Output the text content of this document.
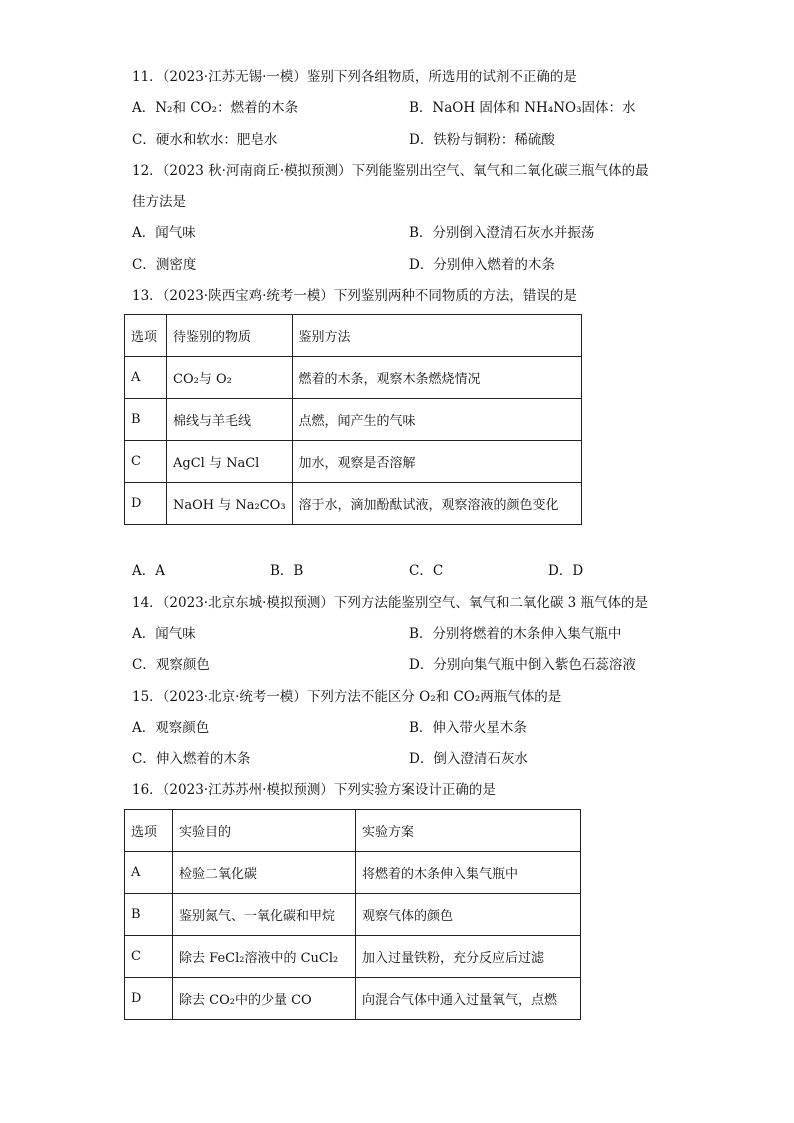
11．（2023·江苏无锡·一模）鉴别下列各组物质，所选用的试剂不正确的是
A．N₂和 CO₂：燃着的木条	B．NaOH 固体和 NH₄NO₃固体：水
C．硬水和软水：肥皂水	D．铁粉与铜粉：稀硫酸
12．（2023 秋·河南商丘·模拟预测）下列能鉴别出空气、氧气和二氧化碳三瓶气体的最
佳方法是
A．闻气味	B．分别倒入澄清石灰水并振荡
C．测密度	D．分别伸入燃着的木条
13．（2023·陕西宝鸡·统考一模）下列鉴别两种不同物质的方法，错误的是
选项	待鉴别的物质	鉴别方法
A	CO₂与 O₂	燃着的木条，观察木条燃烧情况
B	棉线与羊毛线	点燃，闻产生的气味
C	AgCl 与 NaCl	加水，观察是否溶解
D	NaOH 与 Na₂CO₃	溶于水，滴加酚酞试液，观察溶液的颜色变化
A．A	B．B	C．C	D．D
14．（2023·北京东城·模拟预测）下列方法能鉴别空气、氧气和二氧化碳 3 瓶气体的是
A．闻气味	B．分别将燃着的木条伸入集气瓶中
C．观察颜色	D．分别向集气瓶中倒入紫色石蕊溶液
15．（2023·北京·统考一模）下列方法不能区分 O₂和 CO₂两瓶气体的是
A．观察颜色	B．伸入带火星木条
C．伸入燃着的木条	D．倒入澄清石灰水
16．（2023·江苏苏州·模拟预测）下列实验方案设计正确的是
选项	实验目的	实验方案
A	检验二氧化碳	将燃着的木条伸入集气瓶中
B	鉴别氮气、一氧化碳和甲烷	观察气体的颜色
C	除去 FeCl₂溶液中的 CuCl₂	加入过量铁粉，充分反应后过滤
D	除去 CO₂中的少量 CO	向混合气体中通入过量氧气，点燃
